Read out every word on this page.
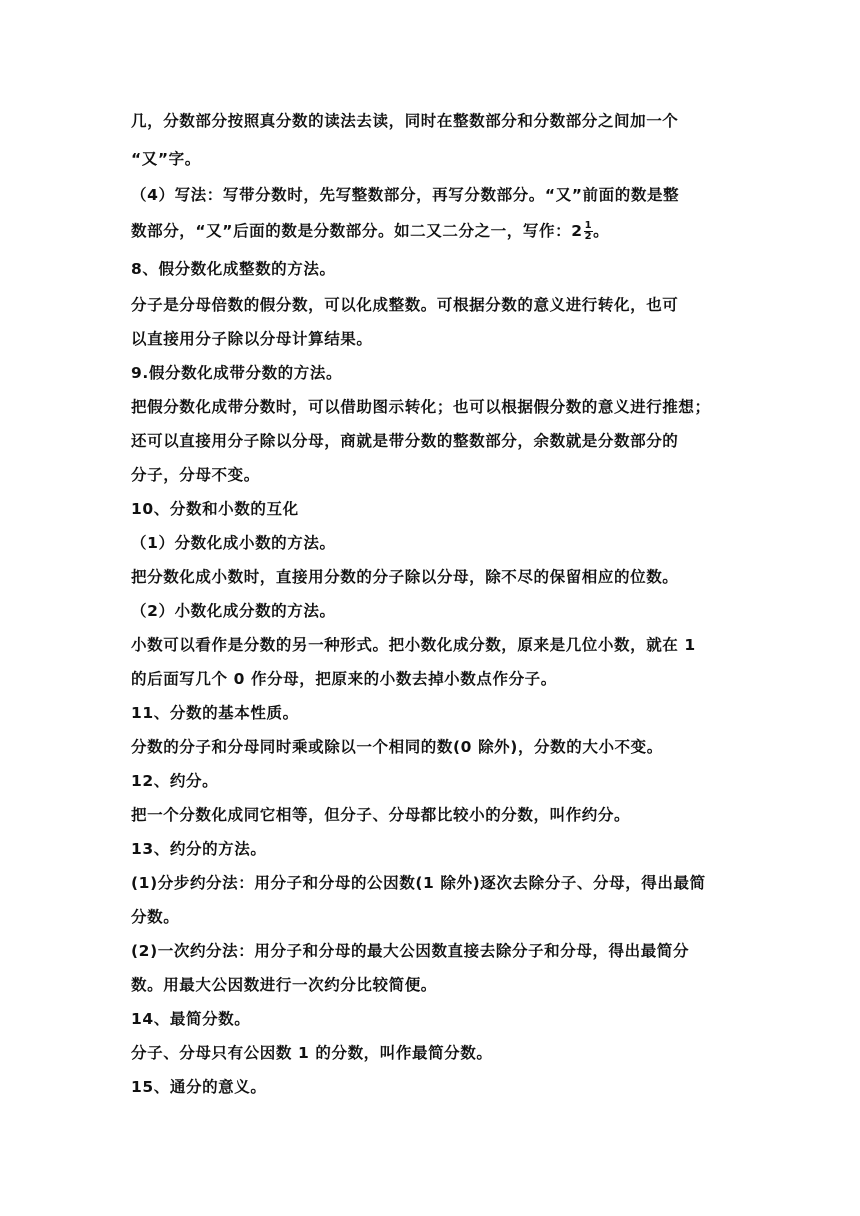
几，分数部分按照真分数的读法去读，同时在整数部分和分数部分之间加一个
“又”字。
（4）写法：写带分数时，先写整数部分，再写分数部分。“又”前面的数是整
数部分，“又”后面的数是分数部分。如二又二分之一，写作：$2 \frac{1}{2}$ 。
8、假分数化成整数的方法。
分子是分母倍数的假分数，可以化成整数。可根据分数的意义进行转化，也可
以直接用分子除以分母计算结果。
9.假分数化成带分数的方法。
把假分数化成带分数时，可以借助图示转化；也可以根据假分数的意义进行推想；
还可以直接用分子除以分母，商就是带分数的整数部分，余数就是分数部分的
分子，分母不变。
10、分数和小数的互化
（1）分数化成小数的方法。
把分数化成小数时，直接用分数的分子除以分母，除不尽的保留相应的位数。
（2）小数化成分数的方法。
小数可以看作是分数的另一种形式。把小数化成分数，原来是几位小数，就在 1
的后面写几个 0 作分母，把原来的小数去掉小数点作分子。
11、分数的基本性质。
分数的分子和分母同时乘或除以一个相同的数(0 除外)，分数的大小不变。
12、约分。
把一个分数化成同它相等，但分子、分母都比较小的分数，叫作约分。
13、约分的方法。
(1)分步约分法：用分子和分母的公因数(1 除外)逐次去除分子、分母，得出最简
分数。
(2)一次约分法：用分子和分母的最大公因数直接去除分子和分母，得出最简分
数。用最大公因数进行一次约分比较简便。
14、最简分数。
分子、分母只有公因数 1 的分数，叫作最简分数。
15、通分的意义。
